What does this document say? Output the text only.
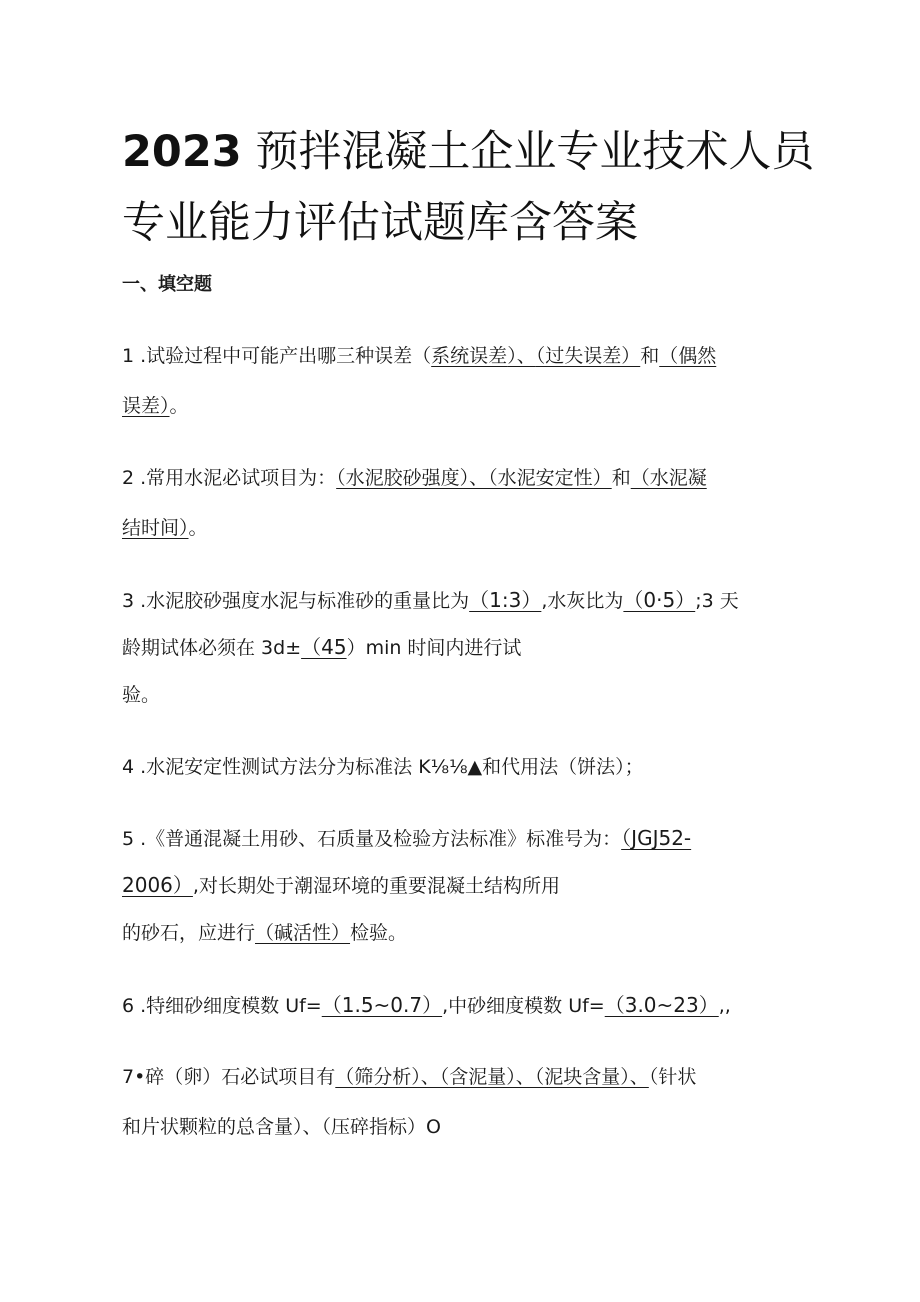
2023 预拌混凝土企业专业技术人员
专业能力评估试题库含答案
一、填空题
1 .试验过程中可能产出哪三种误差（系统误差）、（过失误差）和（偶然
误差）。
2 .常用水泥必试项目为：（水泥胶砂强度）、（水泥安定性）和（水泥凝
结时间）。
3 .水泥胶砂强度水泥与标准砂的重量比为（1:3）,水灰比为（0·5）;3 天
龄期试体必须在 3d±（45）min 时间内进行试
验。
4 .水泥安定性测试方法分为标准法 K⅛⅛▲和代用法（饼法）；
5 .《普通混凝土用砂、石质量及检验方法标准》标准号为：（JGJ52-
2006）,对长期处于潮湿环境的重要混凝土结构所用
的砂石，应进行（碱活性）检验。
6 .特细砂细度模数 Uf=（1.5~0.7）,中砂细度模数 Uf=（3.0~23）,,
7•碎（卵）石必试项目有（筛分析）、（含泥量）、（泥块含量）、（针状
和片状颗粒的总含量）、（压碎指标）O
